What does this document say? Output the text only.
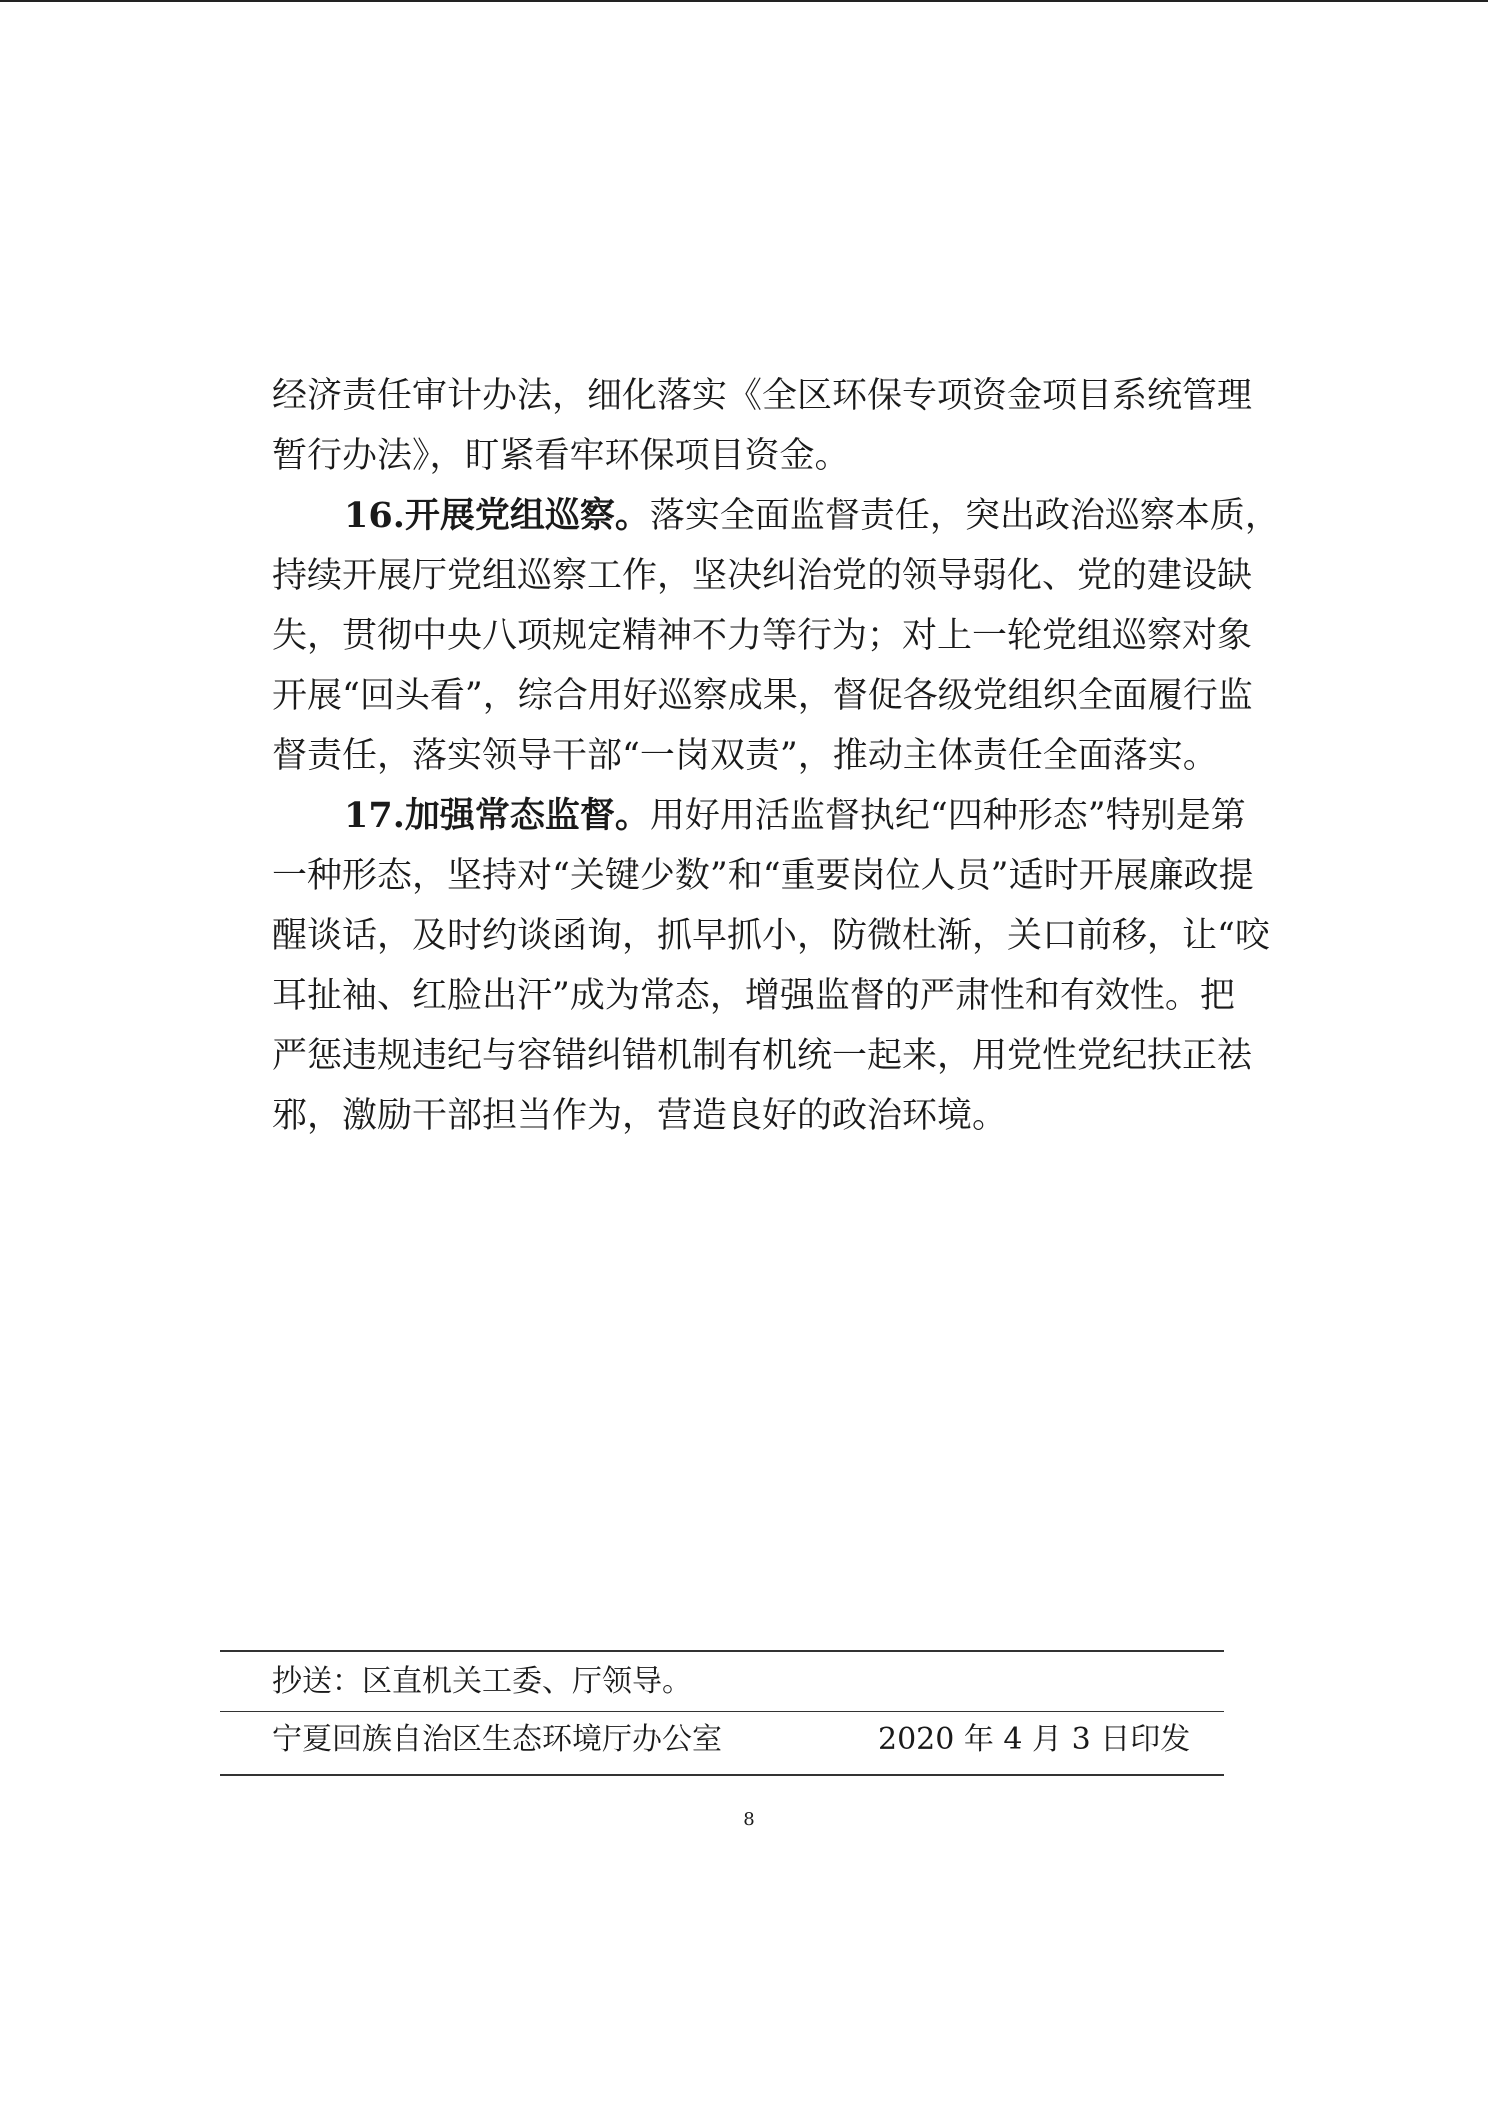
经济责任审计办法，细化落实《全区环保专项资金项目系统管理
暂行办法》，盯紧看牢环保项目资金。
16.开展党组巡察。落实全面监督责任，突出政治巡察本质，
持续开展厅党组巡察工作，坚决纠治党的领导弱化、党的建设缺
失，贯彻中央八项规定精神不力等行为；对上一轮党组巡察对象
开展“回头看”，综合用好巡察成果，督促各级党组织全面履行监
督责任，落实领导干部“一岗双责”，推动主体责任全面落实。
17.加强常态监督。用好用活监督执纪“四种形态”特别是第
一种形态，坚持对“关键少数”和“重要岗位人员”适时开展廉政提
醒谈话，及时约谈函询，抓早抓小，防微杜渐，关口前移，让“咬
耳扯袖、红脸出汗”成为常态，增强监督的严肃性和有效性。把
严惩违规违纪与容错纠错机制有机统一起来，用党性党纪扶正祛
邪，激励干部担当作为，营造良好的政治环境。
抄送：区直机关工委、厅领导。
宁夏回族自治区生态环境厅办公室	2020 年 4 月 3 日印发
8
